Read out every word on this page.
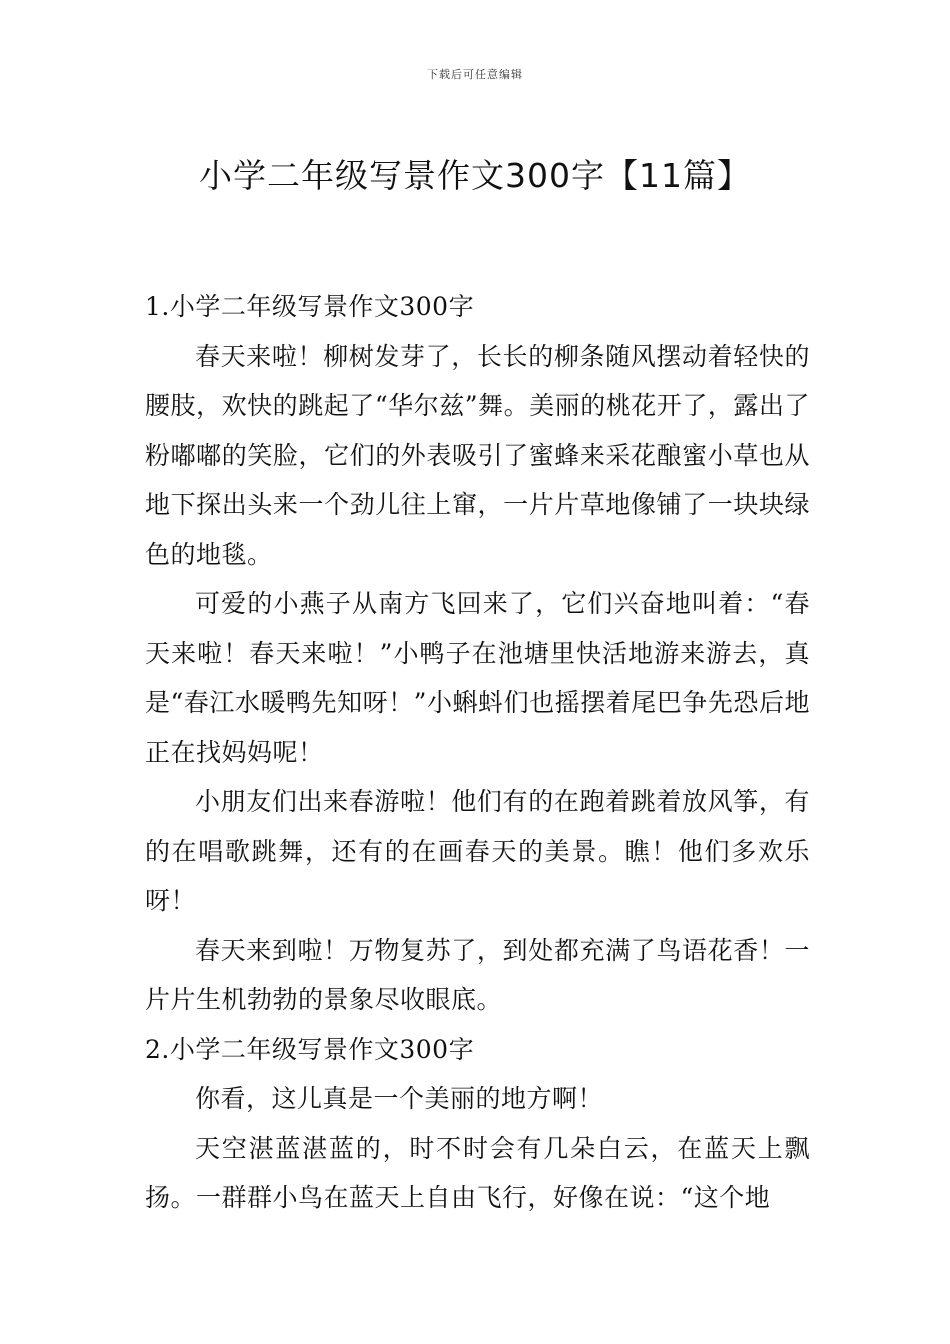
下载后可任意编辑
小学二年级写景作文300字【11篇】

1.小学二年级写景作文300字

春天来啦！柳树发芽了，长长的柳条随风摆动着轻快的腰肢，欢快的跳起了“华尔兹”舞。美丽的桃花开了，露出了粉嘟嘟的笑脸，它们的外表吸引了蜜蜂来采花酿蜜小草也从地下探出头来一个劲儿往上窜，一片片草地像铺了一块块绿色的地毯。

可爱的小燕子从南方飞回来了，它们兴奋地叫着：“春天来啦！春天来啦！”小鸭子在池塘里快活地游来游去，真是“春江水暖鸭先知呀！”小蝌蚪们也摇摆着尾巴争先恐后地正在找妈妈呢！

小朋友们出来春游啦！他们有的在跑着跳着放风筝，有的在唱歌跳舞，还有的在画春天的美景。瞧！他们多欢乐呀！

春天来到啦！万物复苏了，到处都充满了鸟语花香！一片片生机勃勃的景象尽收眼底。

2.小学二年级写景作文300字

你看，这儿真是一个美丽的地方啊！

天空湛蓝湛蓝的，时不时会有几朵白云，在蓝天上飘扬。一群群小鸟在蓝天上自由飞行，好像在说：“这个地
